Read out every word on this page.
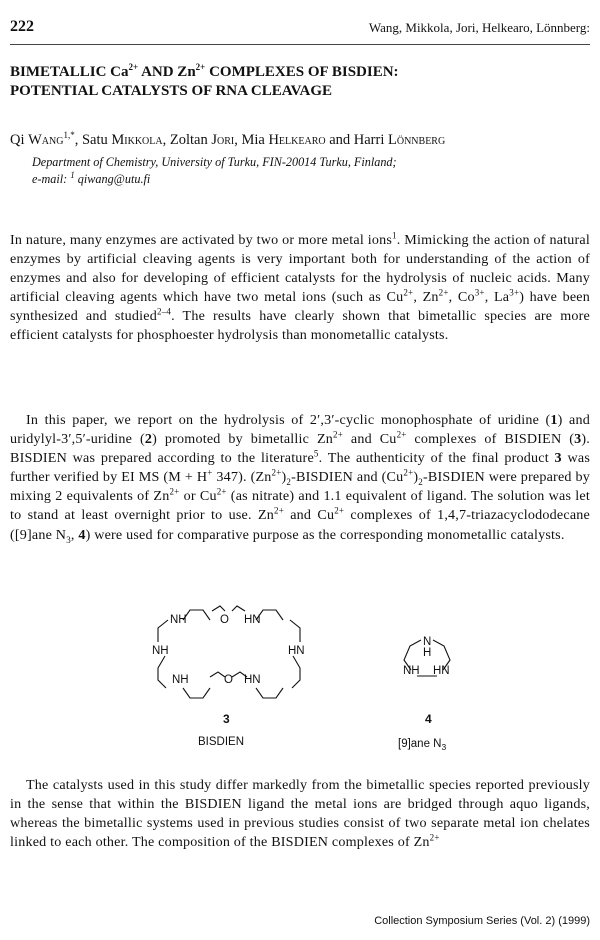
222	Wang, Mikkola, Jori, Helkearo, Lönnberg:
BIMETALLIC $Ca^{2+}$ AND $Zn^{2+}$ COMPLEXES OF BISDIEN:
POTENTIAL CATALYSTS OF RNA CLEAVAGE
Qi Wang$^{1,*}$, Satu Mikkola, Zoltan Jori, Mia Helkearo and Harri Lönnberg
Department of Chemistry, University of Turku, FIN-20014 Turku, Finland;
e-mail: $^1$ qiwang@utu.fi
In nature, many enzymes are activated by two or more metal ions$^1$. Mimicking the action of natural enzymes by artificial cleaving agents is very important both for understanding of the action of enzymes and also for developing of efficient catalysts for the hydrolysis of nucleic acids. Many artificial cleaving agents which have two metal ions (such as $Cu^{2+}$, $Zn^{2+}$, $Co^{3+}$, $La^{3+}$) have been synthesized and studied$^{2-4}$. The results have clearly shown that bimetallic species are more efficient catalysts for phosphoester hydrolysis than monometallic catalysts.
In this paper, we report on the hydrolysis of 2′,3′-cyclic monophosphate of uridine (1) and uridylyl-3′,5′-uridine (2) promoted by bimetallic $Zn^{2+}$ and $Cu^{2+}$ complexes of BISDIEN (3). BISDIEN was prepared according to the literature$^5$. The authenticity of the final product 3 was further verified by EI MS (M + H+ 347). $(Zn^{2+})_2$-BISDIEN and $(Cu^{2+})_2$-BISDIEN were prepared by mixing 2 equivalents of $Zn^{2+}$ or $Cu^{2+}$ (as nitrate) and 1.1 equivalent of ligand. The solution was let to stand at least overnight prior to use. $Zn^{2+}$ and $Cu^{2+}$ complexes of 1,4,7-triazacyclododecane ([9]ane $N_3$, 4) were used for comparative purpose as the corresponding monometallic catalysts.
NH	O HN
NH	HN
NH	O HN
3
BISDIEN
N
H
NH HN
4
[9]ane $N_3$
The catalysts used in this study differ markedly from the bimetallic species reported previously in the sense that within the BISDIEN ligand the metal ions are bridged through aquo ligands, whereas the bimetallic systems used in previous studies consist of two separate metal ion chelates linked to each other. The composition of the BISDIEN complexes of $Zn^{2+}$
Collection Symposium Series (Vol. 2) (1999)
